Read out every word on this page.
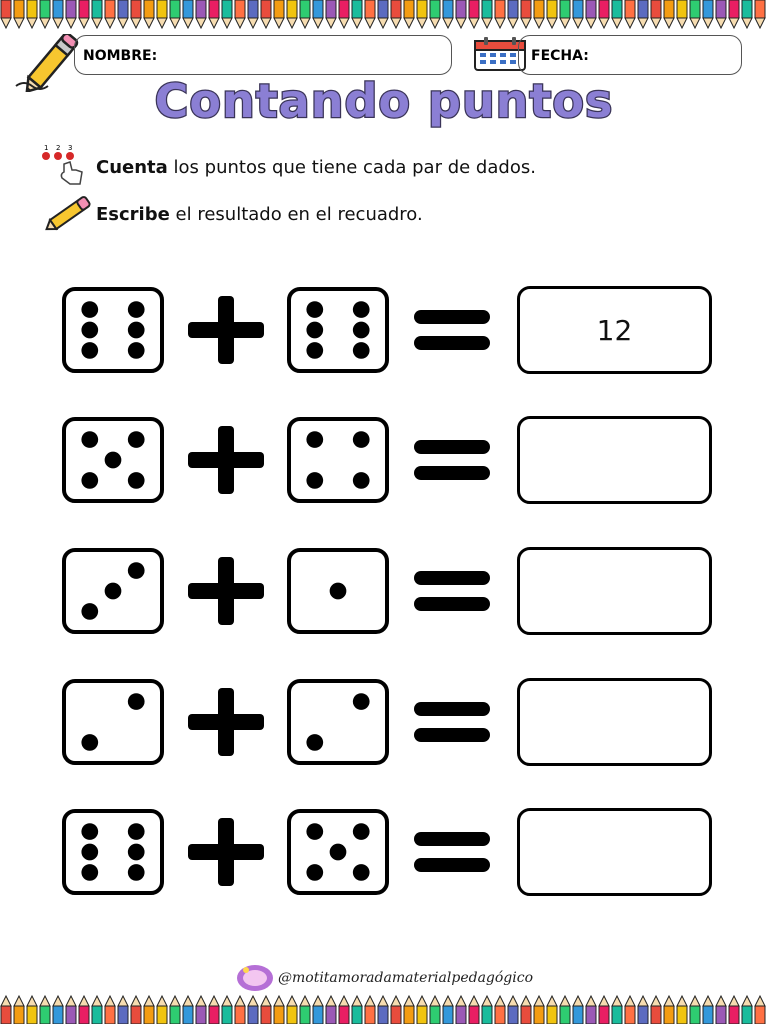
NOMBRE:	FECHA:
Contando puntos
1 2 3
Cuenta los puntos que tiene cada par de dados.
Escribe el resultado en el recuadro.
12
@motitamoradamaterialpedagógico
